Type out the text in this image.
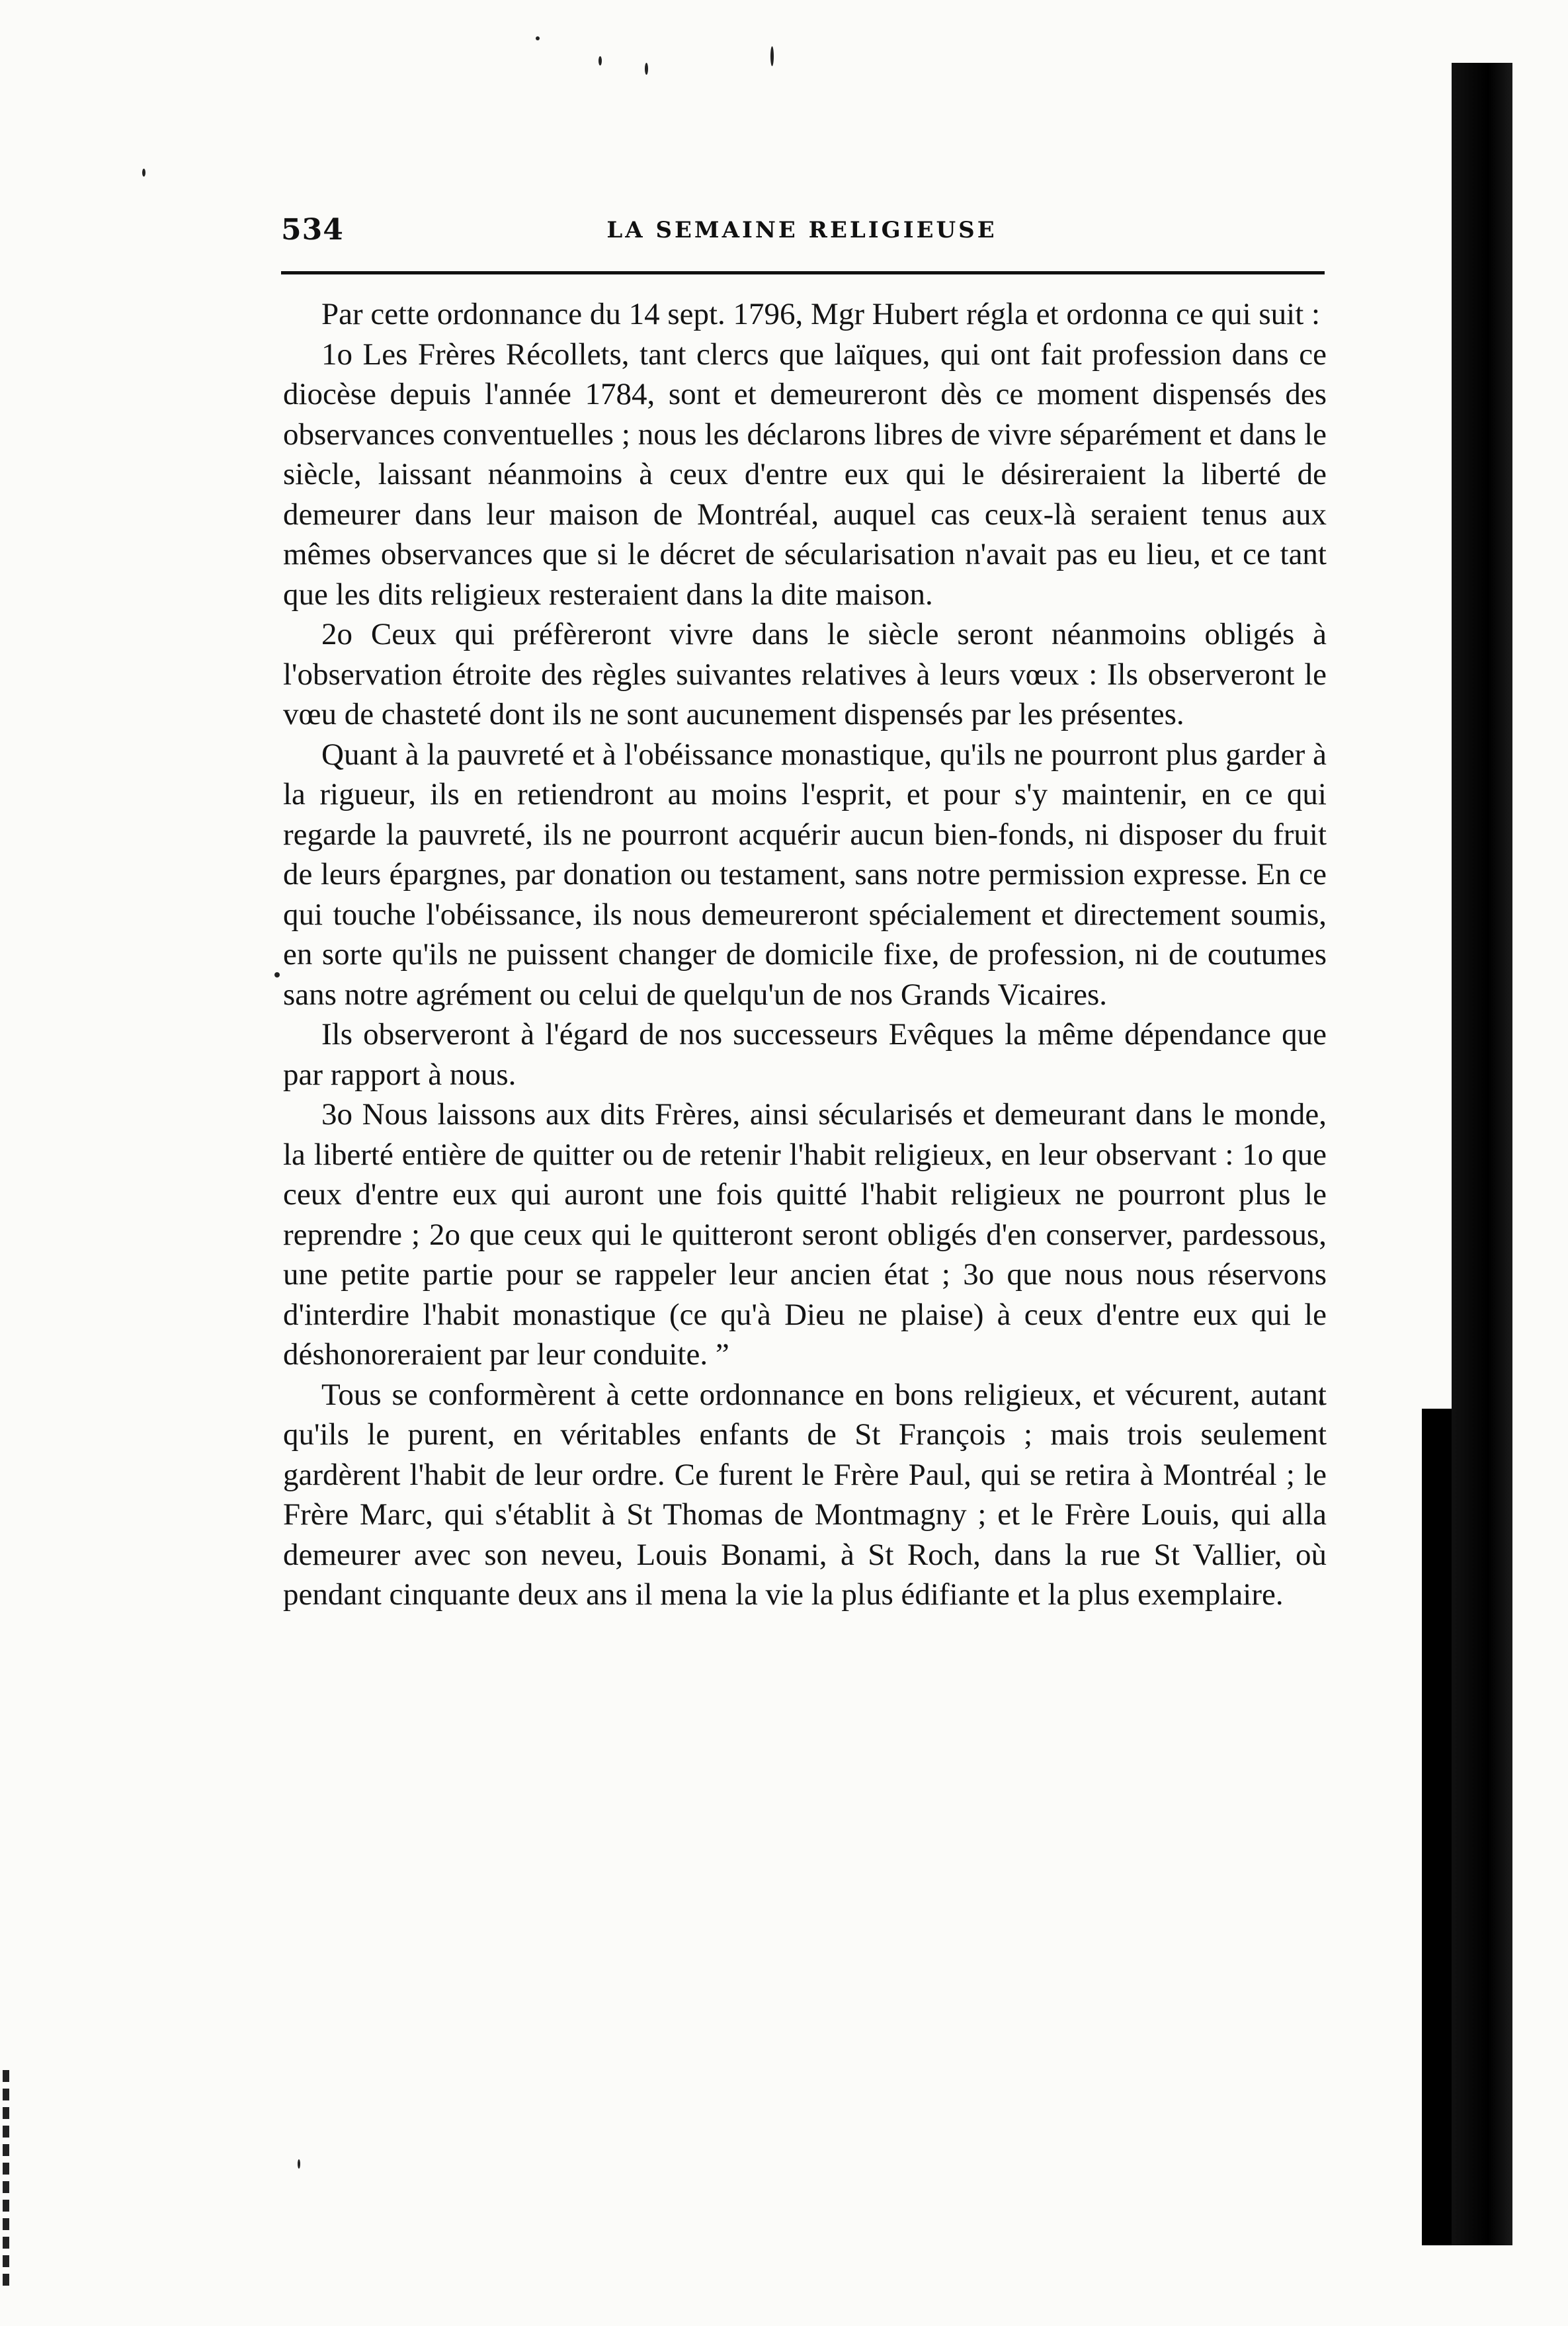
534	LA SEMAINE RELIGIEUSE

Par cette ordonnance du 14 sept. 1796, Mgr Hubert régla et ordonna ce qui suit :

1o Les Frères Récollets, tant clercs que laïques, qui ont fait profession dans ce diocèse depuis l'année 1784, sont et demeureront dès ce moment dispensés des observances conventuelles ; nous les déclarons libres de vivre séparément et dans le siècle, laissant néanmoins à ceux d'entre eux qui le désireraient la liberté de demeurer dans leur maison de Montréal, auquel cas ceux-là seraient tenus aux mêmes observances que si le décret de sécularisation n'avait pas eu lieu, et ce tant que les dits religieux resteraient dans la dite maison.

2o Ceux qui préfèreront vivre dans le siècle seront néanmoins obligés à l'observation étroite des règles suivantes relatives à leurs vœux : Ils observeront le vœu de chasteté dont ils ne sont aucunement dispensés par les présentes.

Quant à la pauvreté et à l'obéissance monastique, qu'ils ne pourront plus garder à la rigueur, ils en retiendront au moins l'esprit, et pour s'y maintenir, en ce qui regarde la pauvreté, ils ne pourront acquérir aucun bien-fonds, ni disposer du fruit de leurs épargnes, par donation ou testament, sans notre permission expresse. En ce qui touche l'obéissance, ils nous demeureront spécialement et directement soumis, en sorte qu'ils ne puissent changer de domicile fixe, de profession, ni de coutumes sans notre agrément ou celui de quelqu'un de nos Grands Vicaires.

Ils observeront à l'égard de nos successeurs Evêques la même dépendance que par rapport à nous.

3o Nous laissons aux dits Frères, ainsi sécularisés et demeurant dans le monde, la liberté entière de quitter ou de retenir l'habit religieux, en leur observant : 1o que ceux d'entre eux qui auront une fois quitté l'habit religieux ne pourront plus le reprendre ; 2o que ceux qui le quitteront seront obligés d'en conserver, pardessous, une petite partie pour se rappeler leur ancien état ; 3o que nous nous réservons d'interdire l'habit monastique (ce qu'à Dieu ne plaise) à ceux d'entre eux qui le déshonoreraient par leur conduite. ”

Tous se conformèrent à cette ordonnance en bons religieux, et vécurent, autant qu'ils le purent, en véritables enfants de St François ; mais trois seulement gardèrent l'habit de leur ordre. Ce furent le Frère Paul, qui se retira à Montréal ; le Frère Marc, qui s'établit à St Thomas de Montmagny ; et le Frère Louis, qui alla demeurer avec son neveu, Louis Bonami, à St Roch, dans la rue St Vallier, où pendant cinquante deux ans il mena la vie la plus édifiante et la plus exemplaire.
